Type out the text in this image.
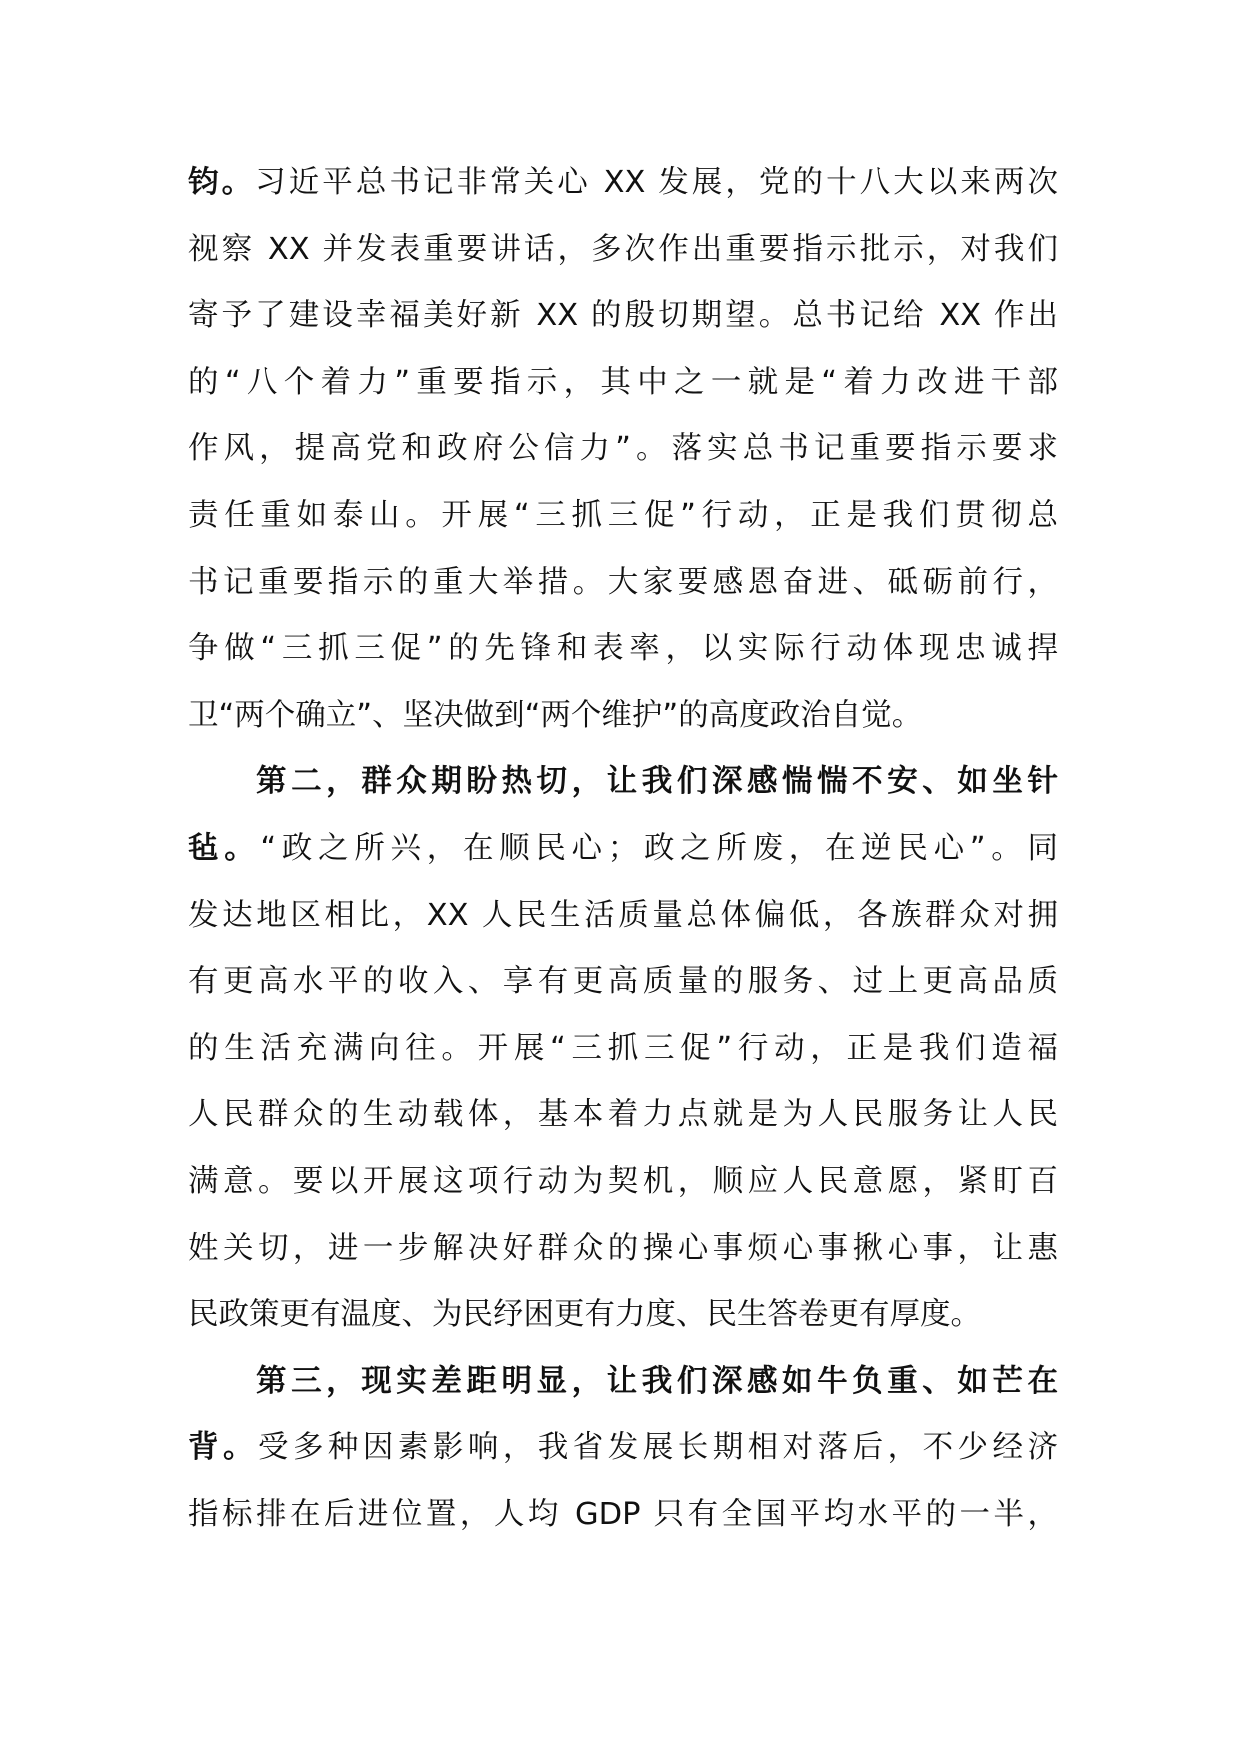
钧。习近平总书记非常关心 XX 发展，党的十八大以来两次
视察 XX 并发表重要讲话，多次作出重要指示批示，对我们
寄予了建设幸福美好新 XX 的殷切期望。总书记给 XX 作出
的“八个着力”重要指示，其中之一就是“着力改进干部
作风，提高党和政府公信力”。落实总书记重要指示要求
责任重如泰山。开展“三抓三促”行动，正是我们贯彻总
书记重要指示的重大举措。大家要感恩奋进、砥砺前行，
争做“三抓三促”的先锋和表率，以实际行动体现忠诚捍
卫“两个确立”、坚决做到“两个维护”的高度政治自觉。
第二，群众期盼热切，让我们深感惴惴不安、如坐针
毡。“政之所兴，在顺民心；政之所废，在逆民心”。同
发达地区相比，XX 人民生活质量总体偏低，各族群众对拥
有更高水平的收入、享有更高质量的服务、过上更高品质
的生活充满向往。开展“三抓三促”行动，正是我们造福
人民群众的生动载体，基本着力点就是为人民服务让人民
满意。要以开展这项行动为契机，顺应人民意愿，紧盯百
姓关切，进一步解决好群众的操心事烦心事揪心事，让惠
民政策更有温度、为民纾困更有力度、民生答卷更有厚度。
第三，现实差距明显，让我们深感如牛负重、如芒在
背。受多种因素影响，我省发展长期相对落后，不少经济
指标排在后进位置，人均 GDP 只有全国平均水平的一半，
